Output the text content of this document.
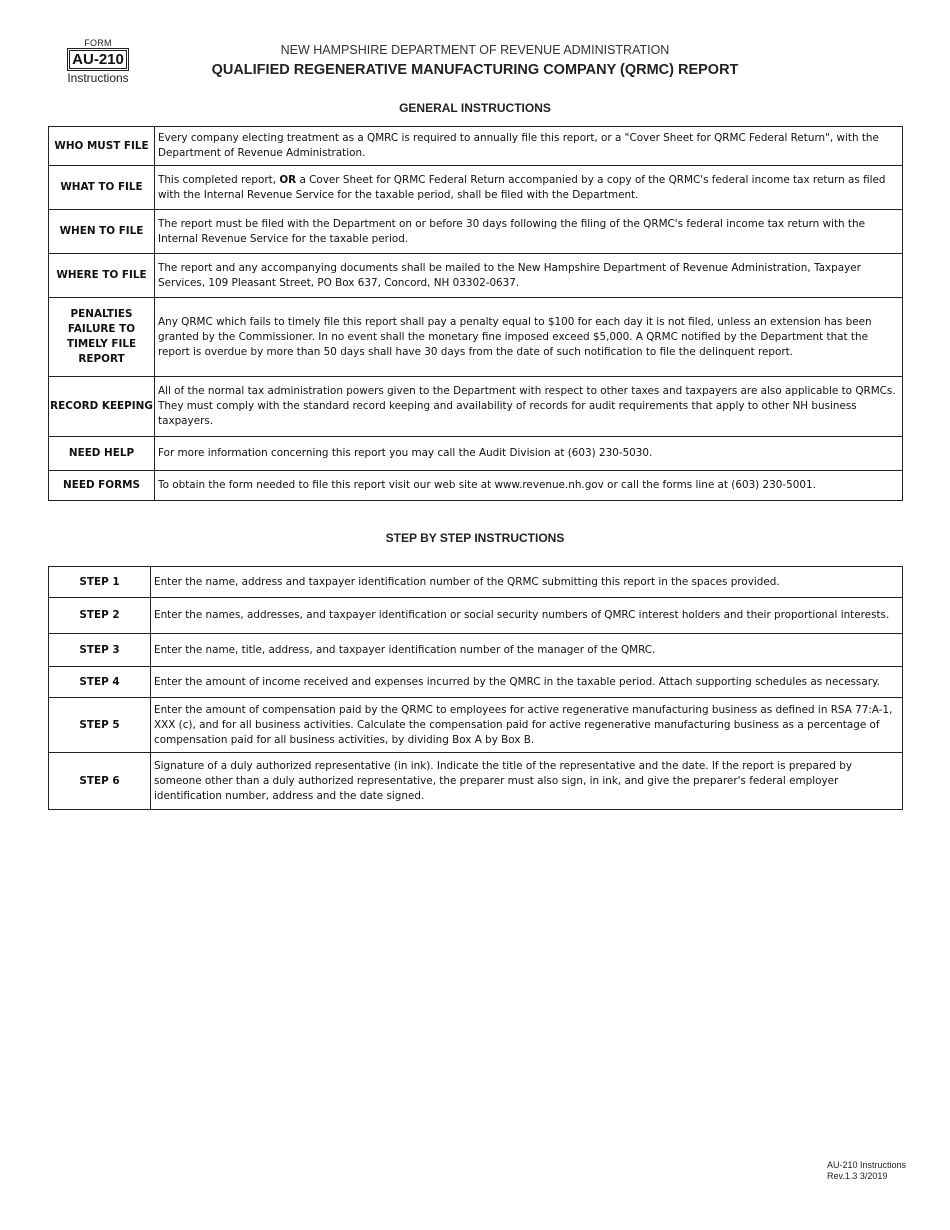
FORM
AU-210
Instructions
NEW HAMPSHIRE DEPARTMENT OF REVENUE ADMINISTRATION
QUALIFIED REGENERATIVE MANUFACTURING COMPANY (QRMC) REPORT
GENERAL INSTRUCTIONS
WHO MUST FILE	Every company electing treatment as a QMRC is required to annually file this report, or a "Cover Sheet for QRMC Federal Return", with the Department of Revenue Administration.
WHAT TO FILE	This completed report, OR a Cover Sheet for QRMC Federal Return accompanied by a copy of the QRMC's federal income tax return as filed with the Internal Revenue Service for the taxable period, shall be filed with the Department.
WHEN TO FILE	The report must be filed with the Department on or before 30 days following the filing of the QRMC's federal income tax return with the Internal Revenue Service for the taxable period.
WHERE TO FILE	The report and any accompanying documents shall be mailed to the New Hampshire Department of Revenue Administration, Taxpayer Services, 109 Pleasant Street, PO Box 637, Concord, NH 03302-0637.
PENALTIES FAILURE TO TIMELY FILE REPORT	Any QRMC which fails to timely file this report shall pay a penalty equal to $100 for each day it is not filed, unless an extension has been granted by the Commissioner. In no event shall the monetary fine imposed exceed $5,000. A QRMC notified by the Department that the report is overdue by more than 50 days shall have 30 days from the date of such notification to file the delinquent report.
RECORD KEEPING	All of the normal tax administration powers given to the Department with respect to other taxes and taxpayers are also applicable to QRMCs. They must comply with the standard record keeping and availability of records for audit requirements that apply to other NH business taxpayers.
NEED HELP	For more information concerning this report you may call the Audit Division at (603) 230-5030.
NEED FORMS	To obtain the form needed to file this report visit our web site at www.revenue.nh.gov or call the forms line at (603) 230-5001.
STEP BY STEP INSTRUCTIONS
STEP 1	Enter the name, address and taxpayer identification number of the QRMC submitting this report in the spaces provided.
STEP 2	Enter the names, addresses, and taxpayer identification or social security numbers of QMRC interest holders and their proportional interests.
STEP 3	Enter the name, title, address, and taxpayer identification number of the manager of the QMRC.
STEP 4	Enter the amount of income received and expenses incurred by the QMRC in the taxable period. Attach supporting schedules as necessary.
STEP 5	Enter the amount of compensation paid by the QRMC to employees for active regenerative manufacturing business as defined in RSA 77:A-1, XXX (c), and for all business activities. Calculate the compensation paid for active regenerative manufacturing business as a percentage of compensation paid for all business activities, by dividing Box A by Box B.
STEP 6	Signature of a duly authorized representative (in ink). Indicate the title of the representative and the date. If the report is prepared by someone other than a duly authorized representative, the preparer must also sign, in ink, and give the preparer's federal employer identification number, address and the date signed.
AU-210 Instructions
Rev.1.3 3/2019
